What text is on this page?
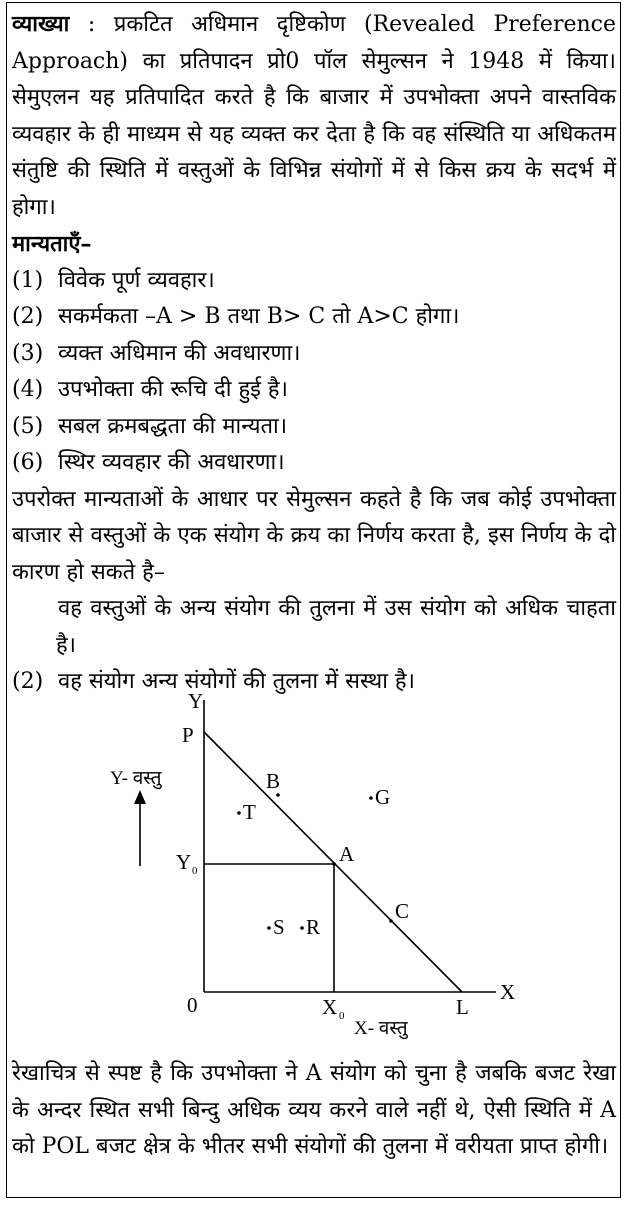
व्याख्या : प्रकटित अधिमान दृष्टिकोण (Revealed Preference Approach) का प्रतिपादन प्रो0 पॉल सेमुल्सन ने 1948 में किया। सेमुएलन यह प्रतिपादित करते है कि बाजार में उपभोक्ता अपने वास्तविक व्यवहार के ही माध्यम से यह व्यक्त कर देता है कि वह संस्थिति या अधिकतम संतुष्टि की स्थिति में वस्तुओं के विभिन्न संयोगों में से किस क्रय के सदर्भ में होगा।

मान्यताएँ–

(1) विवेक पूर्ण व्यवहार।

(2) सकर्मकता –A > B तथा B> C तो A>C होगा।

(3) व्यक्त अधिमान की अवधारणा।

(4) उपभोक्ता की रूचि दी हुई है।

(5) सबल क्रमबद्धता की मान्यता।

(6) स्थिर व्यवहार की अवधारणा।

उपरोक्त मान्यताओं के आधार पर सेमुल्सन कहते है कि जब कोई उपभोक्ता बाजार से वस्तुओं के एक संयोग के क्रय का निर्णय करता है, इस निर्णय के दो कारण हो सकते है–

वह वस्तुओं के अन्य संयोग की तुलना में उस संयोग को अधिक चाहता है।

(2) वह संयोग अन्य संयोगों की तुलना में सस्था है।

Y
X
0
P
L
A
B
C
G
T
S R
Y
X
0
0
Y- वस्तु
X- वस्तु

रेखाचित्र से स्पष्ट है कि उपभोक्ता ने A संयोग को चुना है जबकि बजट रेखा के अन्दर स्थित सभी बिन्दु अधिक व्यय करने वाले नहीं थे, ऐसी स्थिति में A को POL बजट क्षेत्र के भीतर सभी संयोगों की तुलना में वरीयता प्राप्त होगी।
